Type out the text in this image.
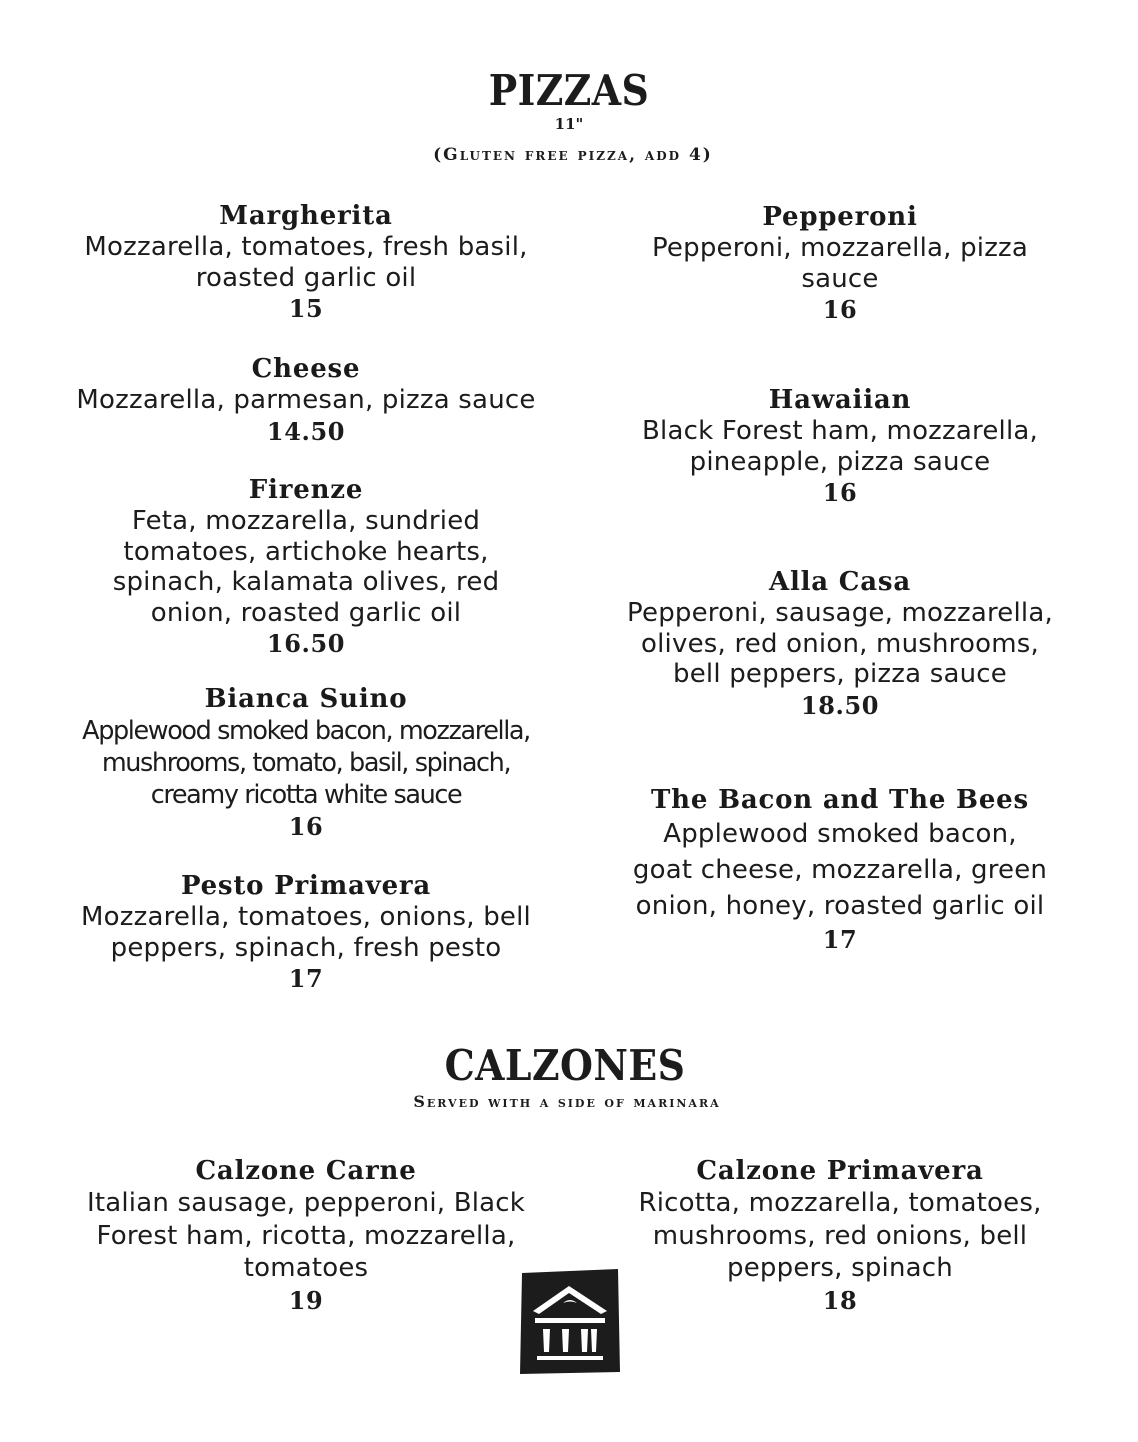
PIZZAS
11"
(Gluten free pizza, add 4)
Margherita
Mozzarella, tomatoes, fresh basil,
roasted garlic oil
15
Cheese
Mozzarella, parmesan, pizza sauce
14.50
Firenze
Feta, mozzarella, sundried
tomatoes, artichoke hearts,
spinach, kalamata olives, red
onion, roasted garlic oil
16.50
Bianca Suino
Applewood smoked bacon, mozzarella,
mushrooms, tomato, basil, spinach,
creamy ricotta white sauce
16
Pesto Primavera
Mozzarella, tomatoes, onions, bell
peppers, spinach, fresh pesto
17
Pepperoni
Pepperoni, mozzarella, pizza
sauce
16
Hawaiian
Black Forest ham, mozzarella,
pineapple, pizza sauce
16
Alla Casa
Pepperoni, sausage, mozzarella,
olives, red onion, mushrooms,
bell peppers, pizza sauce
18.50
The Bacon and The Bees
Applewood smoked bacon,
goat cheese, mozzarella, green
onion, honey, roasted garlic oil
17
CALZONES
Served with a side of marinara
Calzone Carne
Italian sausage, pepperoni, Black
Forest ham, ricotta, mozzarella,
tomatoes
19
Calzone Primavera
Ricotta, mozzarella, tomatoes,
mushrooms, red onions, bell
peppers, spinach
18
